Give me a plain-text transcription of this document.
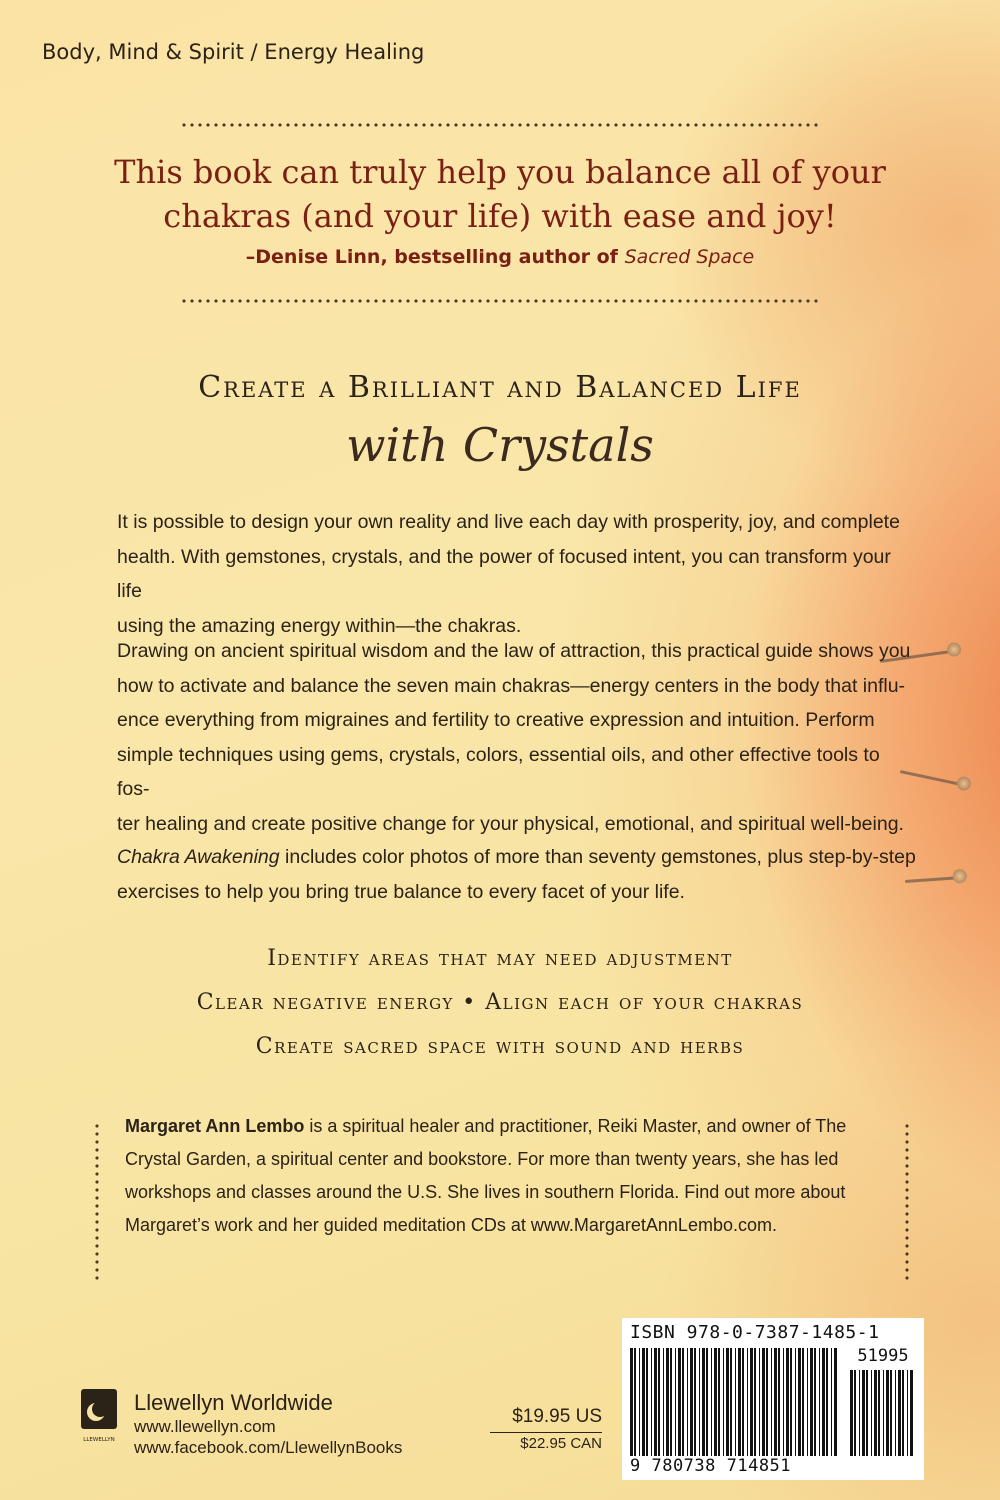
Body, Mind & Spirit / Energy Healing
This book can truly help you balance all of your
chakras (and your life) with ease and joy!
–Denise Linn, bestselling author of Sacred Space
Create a Brilliant and Balanced Life
with Crystals
It is possible to design your own reality and live each day with prosperity, joy, and complete
health. With gemstones, crystals, and the power of focused intent, you can transform your life
using the amazing energy within—the chakras.
Drawing on ancient spiritual wisdom and the law of attraction, this practical guide shows you
how to activate and balance the seven main chakras—energy centers in the body that influ-
ence everything from migraines and fertility to creative expression and intuition. Perform
simple techniques using gems, crystals, colors, essential oils, and other effective tools to fos-
ter healing and create positive change for your physical, emotional, and spiritual well-being.
Chakra Awakening includes color photos of more than seventy gemstones, plus step-by-step
exercises to help you bring true balance to every facet of your life.
Identify areas that may need adjustment
Clear negative energy • Align each of your chakras
Create sacred space with sound and herbs
Margaret Ann Lembo is a spiritual healer and practitioner, Reiki Master, and owner of The
Crystal Garden, a spiritual center and bookstore. For more than twenty years, she has led
workshops and classes around the U.S. She lives in southern Florida. Find out more about
Margaret’s work and her guided meditation CDs at www.MargaretAnnLembo.com.
LLEWELLYN
Llewellyn Worldwide
www.llewellyn.com
www.facebook.com/LlewellynBooks
$19.95 US
$22.95 CAN
ISBN 978-0-7387-1485-1
51995
9 780738 714851
